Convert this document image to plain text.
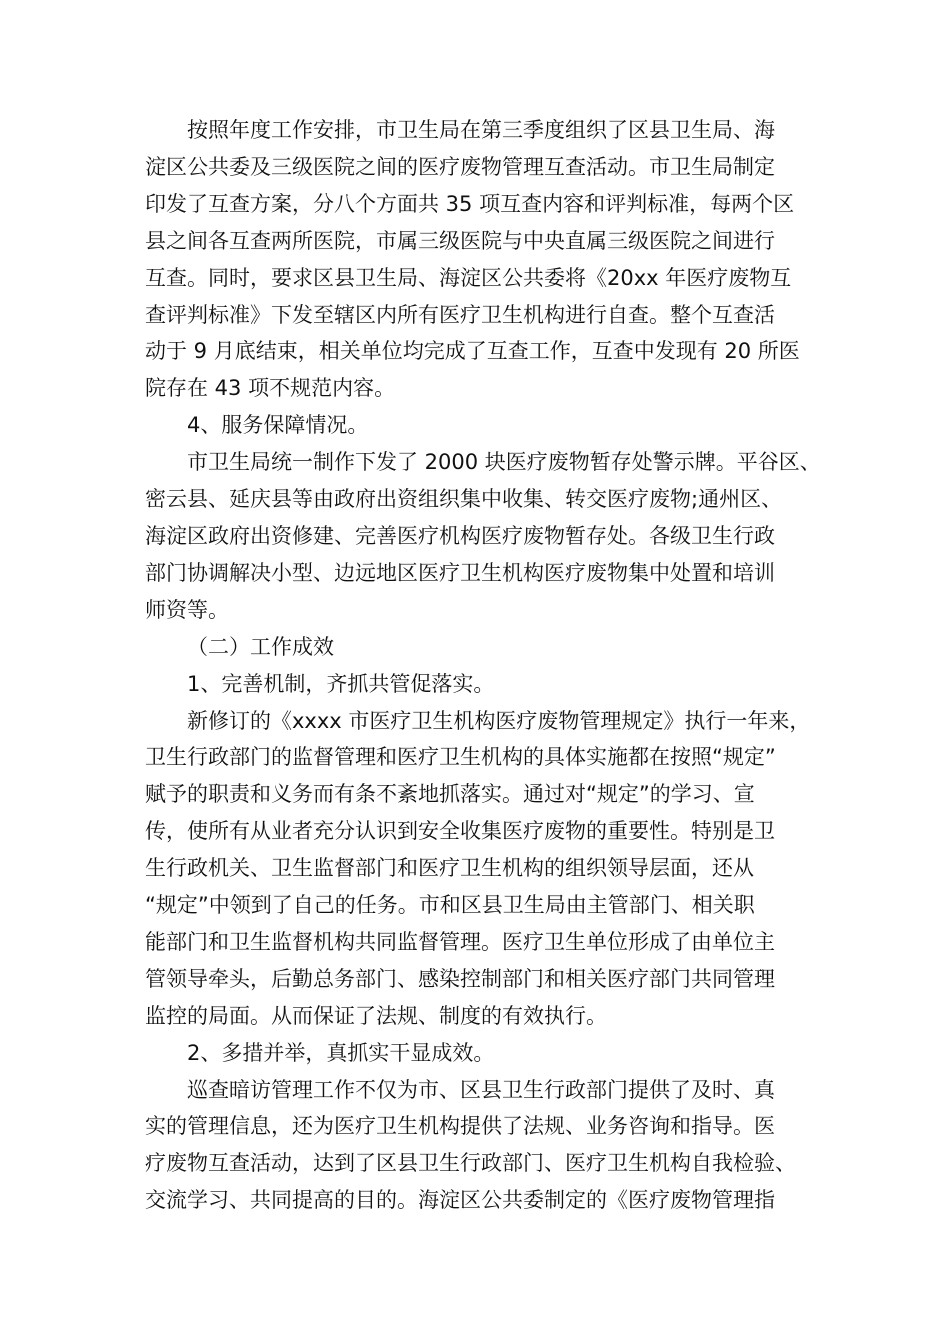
按照年度工作安排，市卫生局在第三季度组织了区县卫生局、海
淀区公共委及三级医院之间的医疗废物管理互查活动。市卫生局制定
印发了互查方案，分八个方面共 35 项互查内容和评判标准，每两个区
县之间各互查两所医院，市属三级医院与中央直属三级医院之间进行
互查。同时，要求区县卫生局、海淀区公共委将《20xx 年医疗废物互
查评判标准》下发至辖区内所有医疗卫生机构进行自查。整个互查活
动于 9 月底结束，相关单位均完成了互查工作，互查中发现有 20 所医
院存在 43 项不规范内容。
4、服务保障情况。
市卫生局统一制作下发了 2000 块医疗废物暂存处警示牌。平谷区、
密云县、延庆县等由政府出资组织集中收集、转交医疗废物;通州区、
海淀区政府出资修建、完善医疗机构医疗废物暂存处。各级卫生行政
部门协调解决小型、边远地区医疗卫生机构医疗废物集中处置和培训
师资等。
（二）工作成效
1、完善机制，齐抓共管促落实。
新修订的《xxxx 市医疗卫生机构医疗废物管理规定》执行一年来，
卫生行政部门的监督管理和医疗卫生机构的具体实施都在按照“规定”
赋予的职责和义务而有条不紊地抓落实。通过对“规定”的学习、宣
传，使所有从业者充分认识到安全收集医疗废物的重要性。特别是卫
生行政机关、卫生监督部门和医疗卫生机构的组织领导层面，还从
“规定”中领到了自己的任务。市和区县卫生局由主管部门、相关职
能部门和卫生监督机构共同监督管理。医疗卫生单位形成了由单位主
管领导牵头，后勤总务部门、感染控制部门和相关医疗部门共同管理
监控的局面。从而保证了法规、制度的有效执行。
2、多措并举，真抓实干显成效。
巡查暗访管理工作不仅为市、区县卫生行政部门提供了及时、真
实的管理信息，还为医疗卫生机构提供了法规、业务咨询和指导。医
疗废物互查活动，达到了区县卫生行政部门、医疗卫生机构自我检验、
交流学习、共同提高的目的。海淀区公共委制定的《医疗废物管理指
